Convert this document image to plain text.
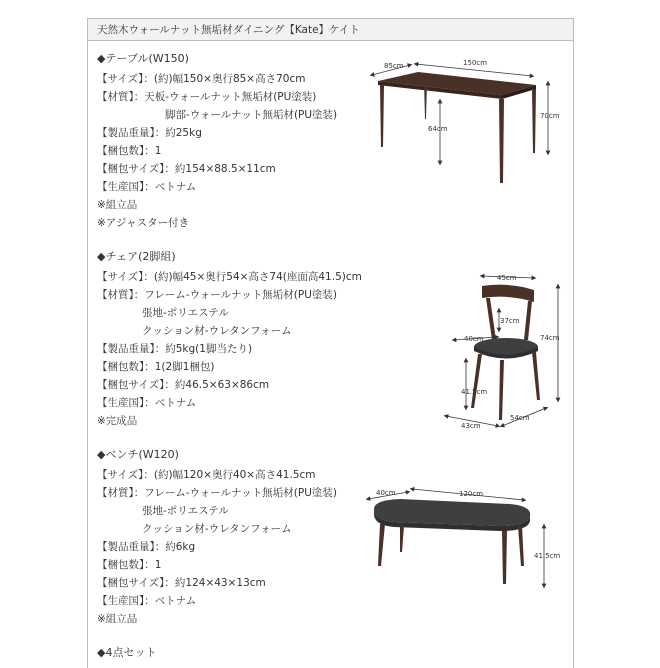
天然木ウォールナット無垢材ダイニング【Kate】ケイト
◆テーブル(W150)
【サイズ】：(約)幅150×奥行85×高さ70cm
【材質】：天板-ウォールナット無垢材(PU塗装)
脚部-ウォールナット無垢材(PU塗装)
【製品重量】：約25kg
【梱包数】：1
【梱包サイズ】：約154×88.5×11cm
【生産国】：ベトナム
※組立品
※アジャスター付き
◆チェア(2脚組)
【サイズ】：(約)幅45×奥行54×高さ74(座面高41.5)cm
【材質】：フレーム-ウォールナット無垢材(PU塗装)
張地-ポリエステル
クッション材-ウレタンフォーム
【製品重量】：約5kg(1脚当たり)
【梱包数】：1(2脚1梱包)
【梱包サイズ】：約46.5×63×86cm
【生産国】：ベトナム
※完成品
◆ベンチ(W120)
【サイズ】：(約)幅120×奥行40×高さ41.5cm
【材質】：フレーム-ウォールナット無垢材(PU塗装)
張地-ポリエステル
クッション材-ウレタンフォーム
【製品重量】：約6kg
【梱包数】：1
【梱包サイズ】：約124×43×13cm
【生産国】：ベトナム
※組立品
◆4点セット
85cm	150cm
70cm
64cm
45cm
37cm
40cm	74cm
41.5cm
43cm
54cm
40cm	120cm
41.5cm
